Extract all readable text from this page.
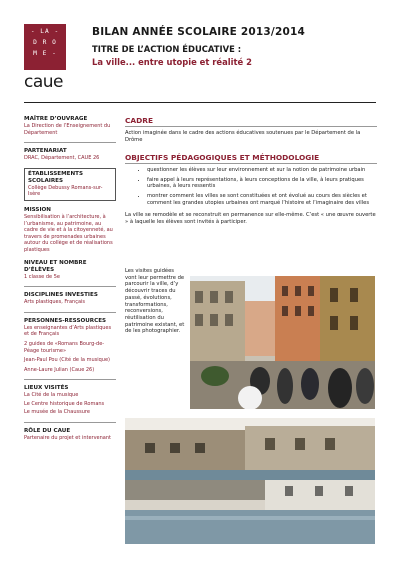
- LA -
D R O
M E -
caue
BILAN ANNÉE SCOLAIRE 2013/2014
TITRE DE L’ACTION ÉDUCATIVE :
La ville... entre utopie et réalité 2
MAÎTRE D’OUVRAGE
La Direction de l’Enseignement du Département
PARTENARIAT
DRAC, Département, CAUE 26
ÉTABLISSEMENTS SCOLAIRES
Collège Debussy Romans-sur-Isère
MISSION
Sensibilisation à l’architecture, à l’urbanisme, au patrimoine, au cadre de vie et à la citoyenneté, au travers de promenades urbaines autour du collège et de réalisations plastiques
NIVEAU ET NOMBRE D’ÉLÈVES
1 classe de 5e
DISCIPLINES INVESTIES
Arts plastiques, Français
PERSONNES-RESSOURCES
Les enseignantes d’Arts plastiques et de Français
2 guides de «Romans Bourg-de-Péage tourisme»
Jean-Paul Pou (Cité de la musique)
Anne-Laure Julian (Caue 26)
LIEUX VISITÉS
La Cité de la musique
Le Centre historique de Romans
Le musée de la Chaussure
RÔLE DU CAUE
Partenaire du projet et intervenant
CADRE
Action imaginée dans le cadre des actions éducatives soutenues par le Département de la Drôme
OBJECTIFS PÉDAGOGIQUES ET MÉTHODOLOGIE
• questionner les élèves sur leur environnement et sur la notion de patrimoine urbain
• faire appel à leurs représentations, à leurs conceptions de la ville, à leurs pratiques urbaines, à leurs ressentis
• montrer comment les villes se sont constituées et ont évolué au cours des siècles et comment les grandes utopies urbaines ont marqué l’histoire et l’imaginaire des villes
La ville se remodèle et se reconstruit en permanence sur elle-même. C’est « une œuvre ouverte » à laquelle les élèves sont invités à participer.
Les visites guidées vont leur permettre de parcourir la ville, d’y découvrir traces du passé, évolutions, transformations, reconversions, réutilisation du patrimoine existant, et de les photographier.
